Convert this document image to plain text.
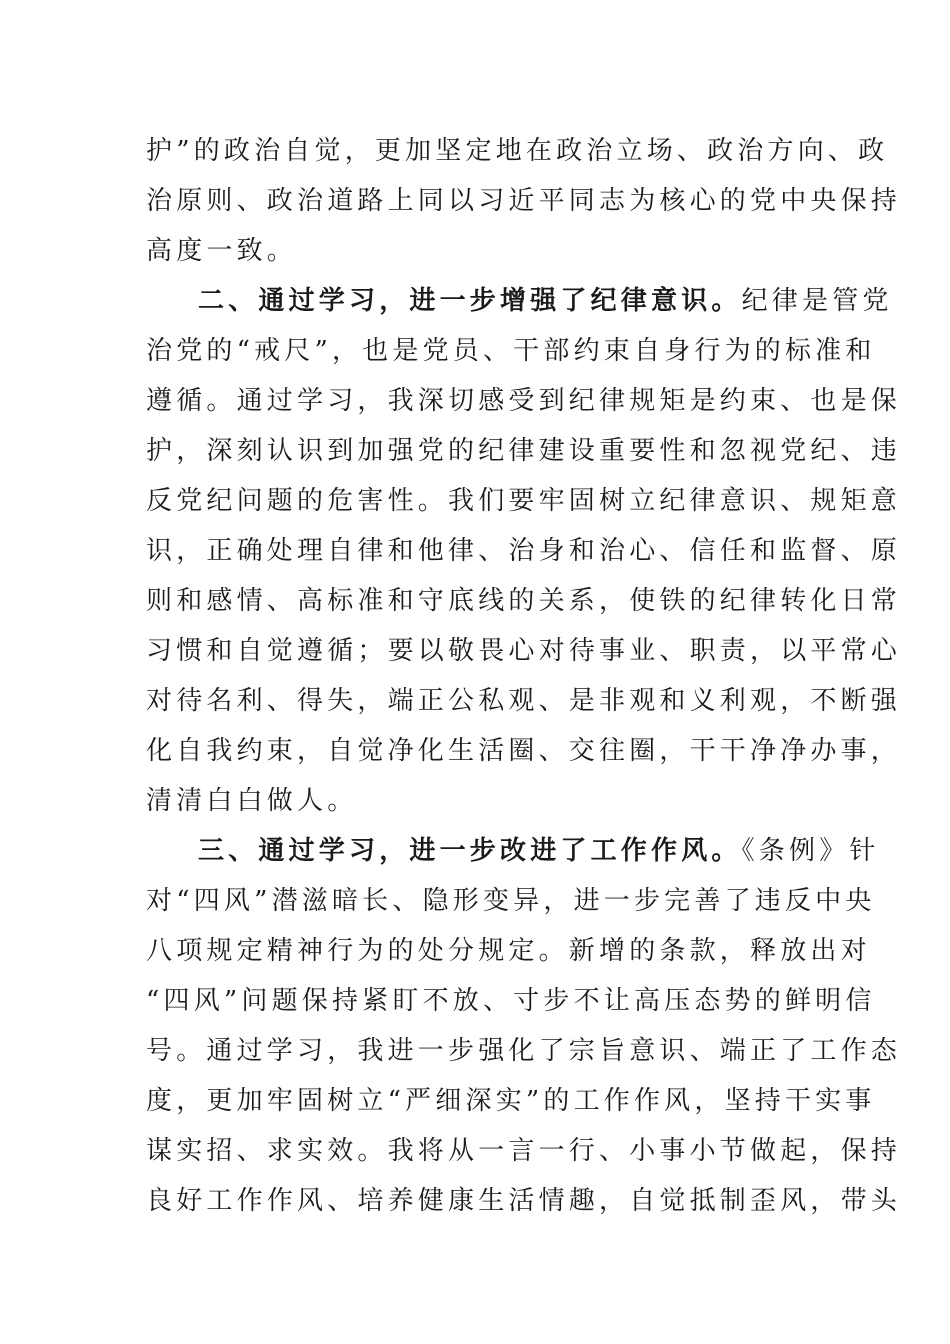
护”的政治自觉，更加坚定地在政治立场、政治方向、政
治原则、政治道路上同以习近平同志为核心的党中央保持
高度一致。
二、通过学习，进一步增强了纪律意识。纪律是管党
治党的“戒尺”，也是党员、干部约束自身行为的标准和
遵循。通过学习，我深切感受到纪律规矩是约束、也是保
护，深刻认识到加强党的纪律建设重要性和忽视党纪、违
反党纪问题的危害性。我们要牢固树立纪律意识、规矩意
识，正确处理自律和他律、治身和治心、信任和监督、原
则和感情、高标准和守底线的关系，使铁的纪律转化日常
习惯和自觉遵循；要以敬畏心对待事业、职责，以平常心
对待名利、得失，端正公私观、是非观和义利观，不断强
化自我约束，自觉净化生活圈、交往圈，干干净净办事，
清清白白做人。
三、通过学习，进一步改进了工作作风。《条例》针
对“四风”潜滋暗长、隐形变异，进一步完善了违反中央
八项规定精神行为的处分规定。新增的条款，释放出对
“四风”问题保持紧盯不放、寸步不让高压态势的鲜明信
号。通过学习，我进一步强化了宗旨意识、端正了工作态
度，更加牢固树立“严细深实”的工作作风，坚持干实事
谋实招、求实效。我将从一言一行、小事小节做起，保持
良好工作作风、培养健康生活情趣，自觉抵制歪风，带头
